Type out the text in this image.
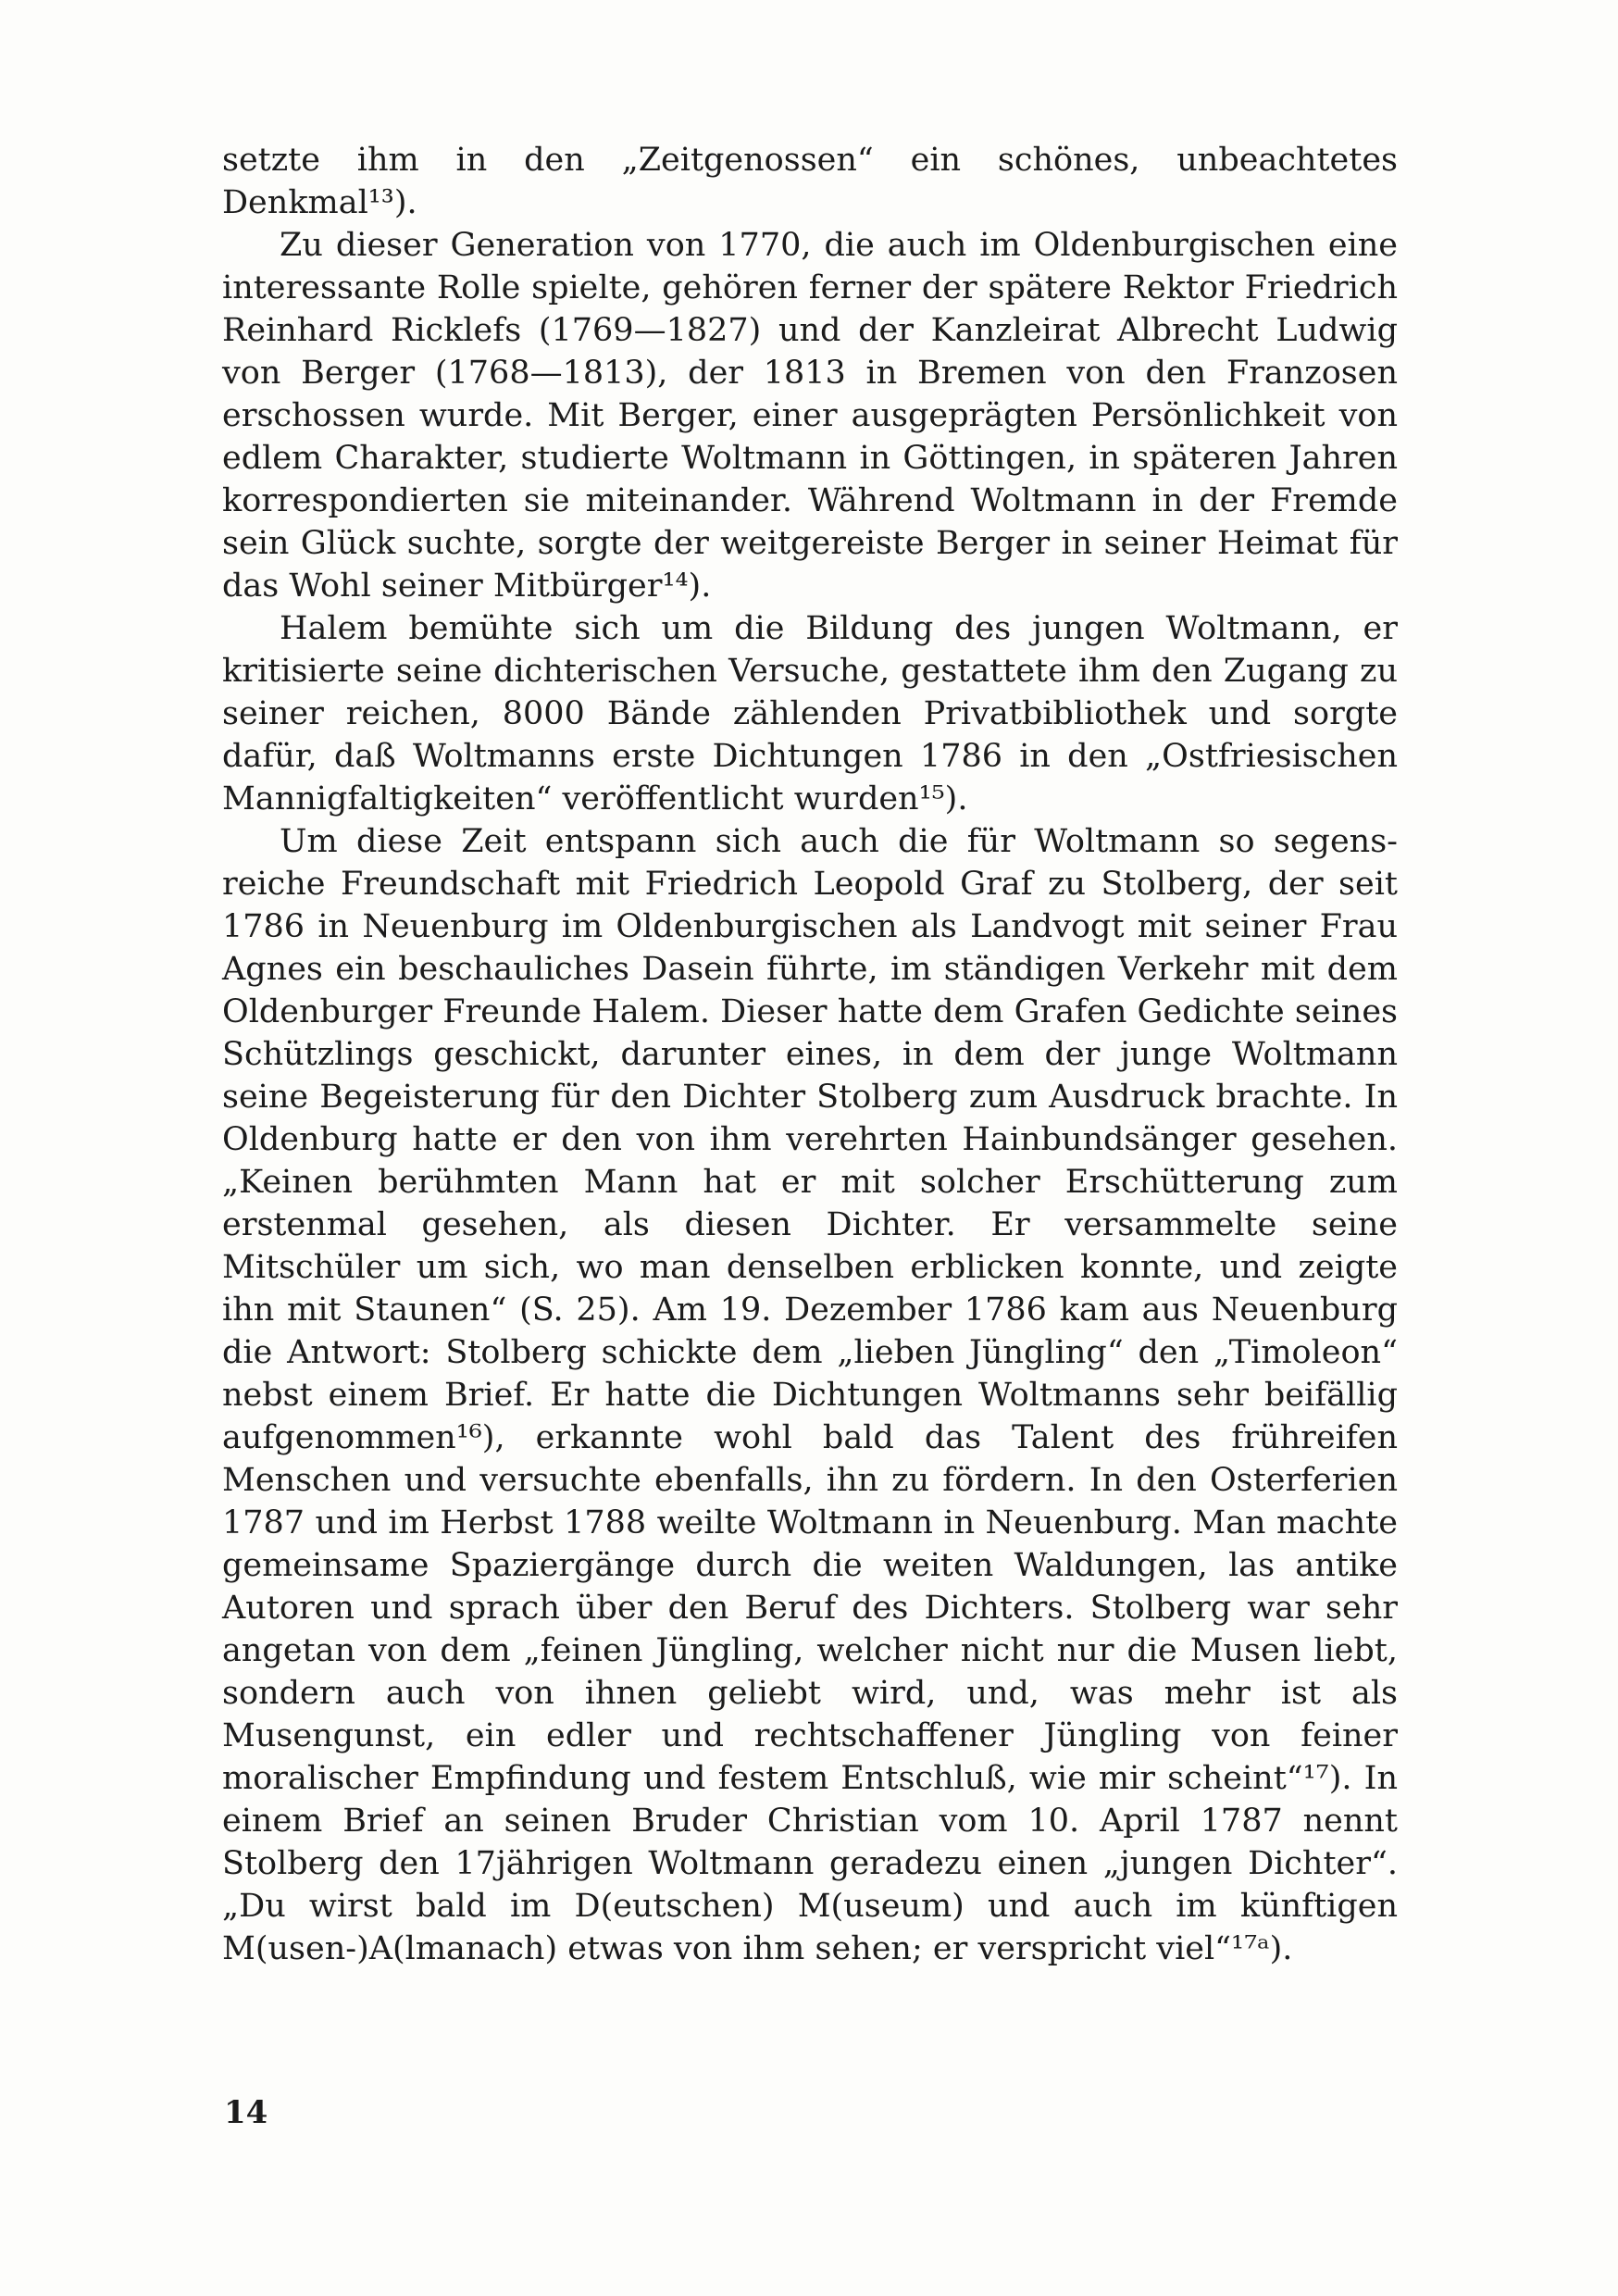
setzte ihm in den „Zeitgenossen“ ein schönes, unbeachtetes Denkmal¹³).

Zu dieser Generation von 1770, die auch im Oldenburgischen eine interessante Rolle spielte, gehören ferner der spätere Rektor Friedrich Reinhard Ricklefs (1769—1827) und der Kanzleirat Albrecht Ludwig von Berger (1768—1813), der 1813 in Bremen von den Franzosen erschossen wurde. Mit Berger, einer ausgeprägten Persönlichkeit von edlem Charakter, studierte Woltmann in Göttingen, in späteren Jahren korrespondierten sie miteinander. Während Woltmann in der Fremde sein Glück suchte, sorgte der weitgereiste Berger in seiner Heimat für das Wohl seiner Mitbürger¹⁴).

Halem bemühte sich um die Bildung des jungen Woltmann, er kritisierte seine dichterischen Versuche, gestattete ihm den Zugang zu seiner reichen, 8000 Bände zählenden Privatbibliothek und sorgte dafür, daß Woltmanns erste Dichtungen 1786 in den „Ostfriesischen Mannigfaltigkeiten“ veröffentlicht wurden¹⁵).

Um diese Zeit entspann sich auch die für Woltmann so segensreiche Freundschaft mit Friedrich Leopold Graf zu Stolberg, der seit 1786 in Neuenburg im Oldenburgischen als Landvogt mit seiner Frau Agnes ein beschauliches Dasein führte, im ständigen Verkehr mit dem Oldenburger Freunde Halem. Dieser hatte dem Grafen Gedichte seines Schützlings geschickt, darunter eines, in dem der junge Woltmann seine Begeisterung für den Dichter Stolberg zum Ausdruck brachte. In Oldenburg hatte er den von ihm verehrten Hainbundsänger gesehen. „Keinen berühmten Mann hat er mit solcher Erschütterung zum erstenmal gesehen, als diesen Dichter. Er versammelte seine Mitschüler um sich, wo man denselben erblicken konnte, und zeigte ihn mit Staunen“ (S. 25). Am 19. Dezember 1786 kam aus Neuenburg die Antwort: Stolberg schickte dem „lieben Jüngling“ den „Timoleon“ nebst einem Brief. Er hatte die Dichtungen Woltmanns sehr beifällig aufgenommen¹⁶), erkannte wohl bald das Talent des frühreifen Menschen und versuchte ebenfalls, ihn zu fördern. In den Osterferien 1787 und im Herbst 1788 weilte Woltmann in Neuenburg. Man machte gemeinsame Spaziergänge durch die weiten Waldungen, las antike Autoren und sprach über den Beruf des Dichters. Stolberg war sehr angetan von dem „feinen Jüngling, welcher nicht nur die Musen liebt, sondern auch von ihnen geliebt wird, und, was mehr ist als Musengunst, ein edler und rechtschaffener Jüngling von feiner moralischer Empfindung und festem Entschluß, wie mir scheint“¹⁷). In einem Brief an seinen Bruder Christian vom 10. April 1787 nennt Stolberg den 17jährigen Woltmann geradezu einen „jungen Dichter“. „Du wirst bald im D(eutschen) M(useum) und auch im künftigen M(usen-)A(lmanach) etwas von ihm sehen; er verspricht viel“¹⁷ᵃ).

14
